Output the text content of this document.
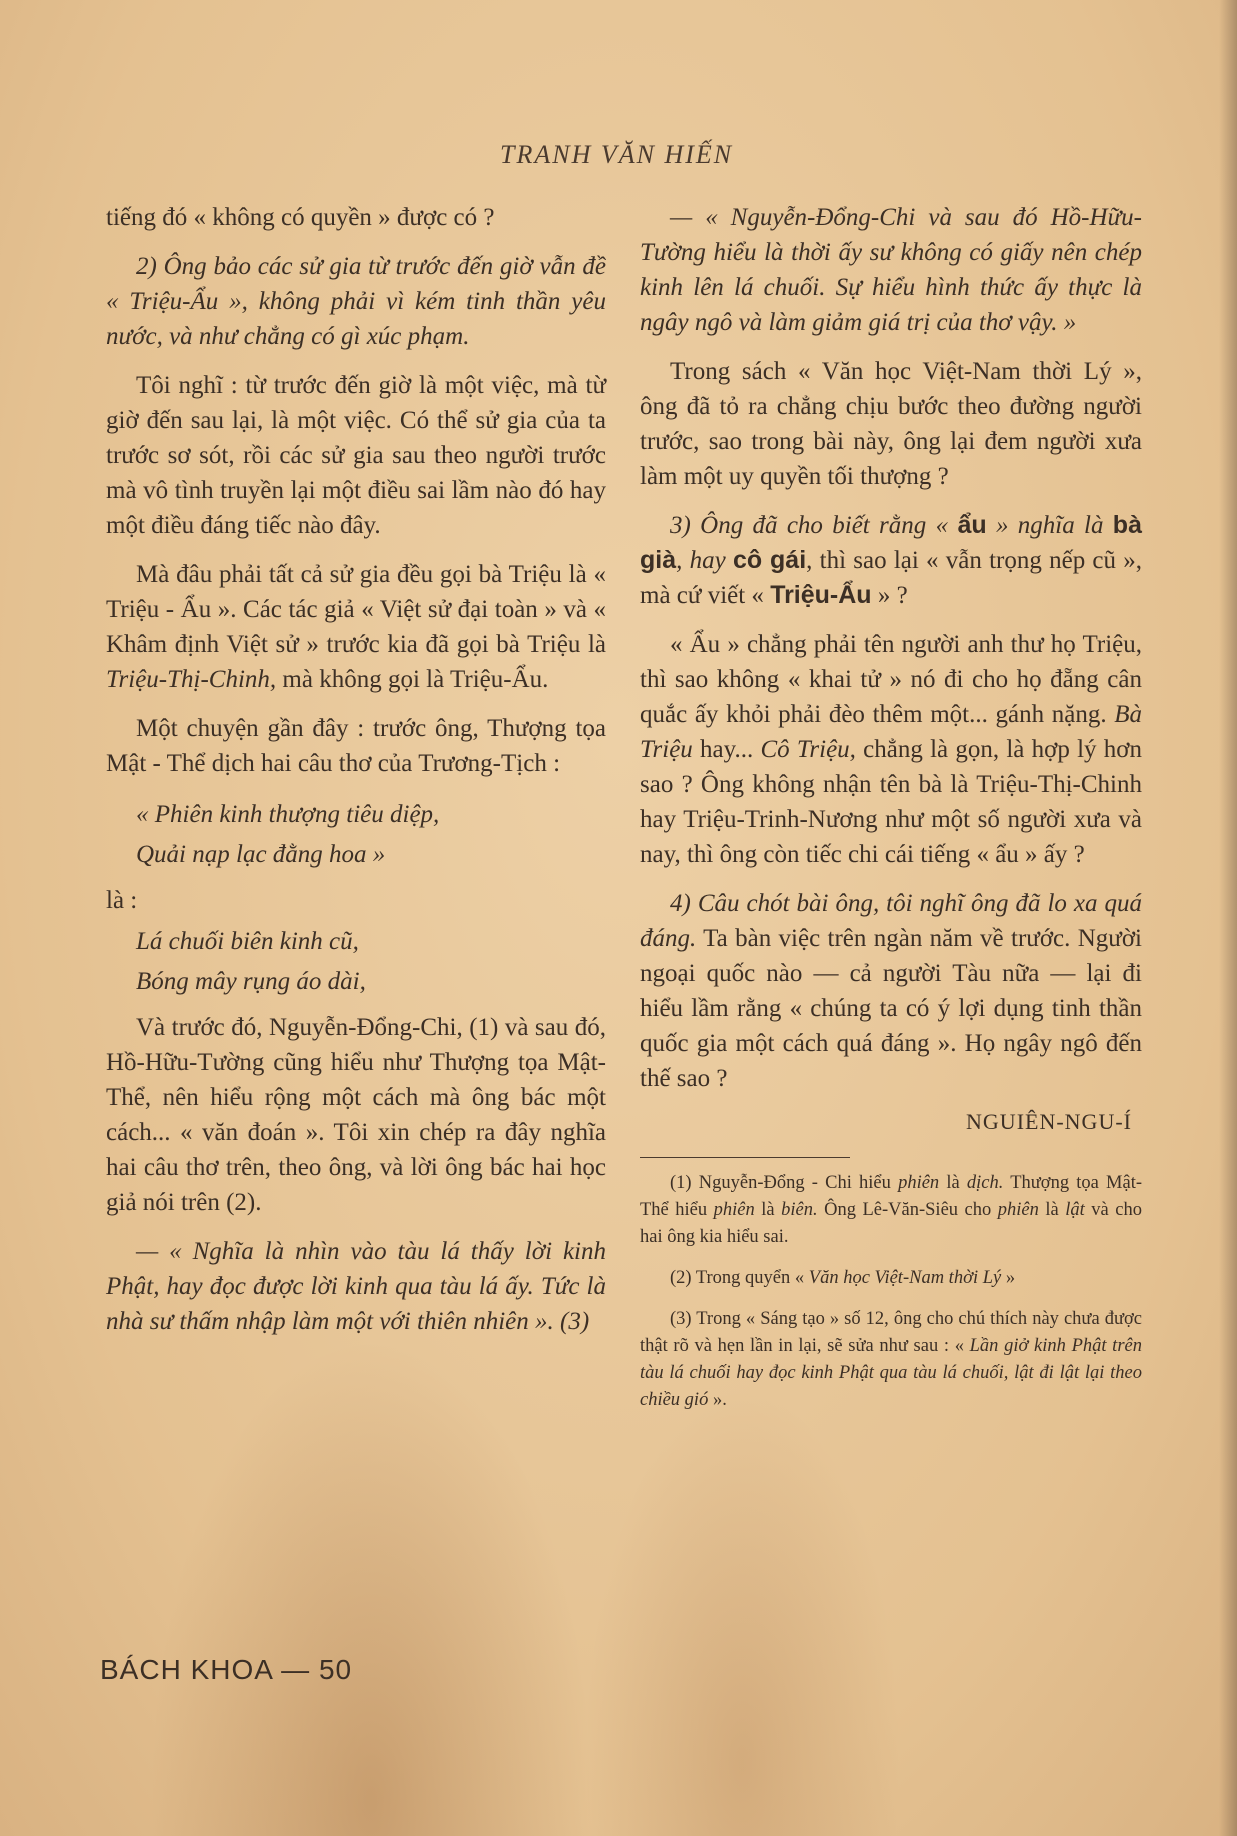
TRANH VĂN HIẾN

tiếng đó « không có quyền » được có ?

2) Ông bảo các sử gia từ trước đến giờ vẫn đề « Triệu-Ẩu », không phải vì kém tinh thần yêu nước, và như chẳng có gì xúc phạm.

Tôi nghĩ : từ trước đến giờ là một việc, mà từ giờ đến sau lại, là một việc. Có thể sử gia của ta trước sơ sót, rồi các sử gia sau theo người trước mà vô tình truyền lại một điều sai lầm nào đó hay một điều đáng tiếc nào đây.

Mà đâu phải tất cả sử gia đều gọi bà Triệu là « Triệu - Ẩu ». Các tác giả « Việt sử đại toàn » và « Khâm định Việt sử » trước kia đã gọi bà Triệu là Triệu-Thị-Chinh, mà không gọi là Triệu-Ẩu.

Một chuyện gần đây : trước ông, Thượng tọa Mật - Thể dịch hai câu thơ của Trương-Tịch :

« Phiên kinh thượng tiêu diệp,
Quải nạp lạc đằng hoa »
là :
Lá chuối biên kinh cũ,
Bóng mây rụng áo dài,

Và trước đó, Nguyễn-Đổng-Chi, (1) và sau đó, Hồ-Hữu-Tường cũng hiểu như Thượng tọa Mật-Thể, nên hiểu rộng một cách mà ông bác một cách... « văn đoán ». Tôi xin chép ra đây nghĩa hai câu thơ trên, theo ông, và lời ông bác hai học giả nói trên (2).

— « Nghĩa là nhìn vào tàu lá thấy lời kinh Phật, hay đọc được lời kinh qua tàu lá ấy. Tức là nhà sư thấm nhập làm một với thiên nhiên ». (3)

— « Nguyễn-Đổng-Chi và sau đó Hồ-Hữu-Tường hiểu là thời ấy sư không có giấy nên chép kinh lên lá chuối. Sự hiểu hình thức ấy thực là ngây ngô và làm giảm giá trị của thơ vậy. »

Trong sách « Văn học Việt-Nam thời Lý », ông đã tỏ ra chẳng chịu bước theo đường người trước, sao trong bài này, ông lại đem người xưa làm một uy quyền tối thượng ?

3) Ông đã cho biết rằng « ẩu » nghĩa là bà già, hay cô gái, thì sao lại « vẫn trọng nếp cũ », mà cứ viết « Triệu-Ẩu » ?

« Ẩu » chẳng phải tên người anh thư họ Triệu, thì sao không « khai tử » nó đi cho họ đẵng cân quắc ấy khỏi phải đèo thêm một... gánh nặng. Bà Triệu hay... Cô Triệu, chẳng là gọn, là hợp lý hơn sao ? Ông không nhận tên bà là Triệu-Thị-Chinh hay Triệu-Trinh-Nương như một số người xưa và nay, thì ông còn tiếc chi cái tiếng « ẩu » ấy ?

4) Câu chót bài ông, tôi nghĩ ông đã lo xa quá đáng. Ta bàn việc trên ngàn năm về trước. Người ngoại quốc nào — cả người Tàu nữa — lại đi hiểu lầm rằng « chúng ta có ý lợi dụng tinh thần quốc gia một cách quá đáng ». Họ ngây ngô đến thế sao ?

NGUIÊN-NGU-Í

(1) Nguyễn-Đổng - Chi hiểu phiên là dịch. Thượng tọa Mật-Thể hiểu phiên là biên. Ông Lê-Văn-Siêu cho phiên là lật và cho hai ông kia hiểu sai.

(2) Trong quyển « Văn học Việt-Nam thời Lý »

(3) Trong « Sáng tạo » số 12, ông cho chú thích này chưa được thật rõ và hẹn lần in lại, sẽ sửa như sau : « Lần giở kinh Phật trên tàu lá chuối hay đọc kinh Phật qua tàu lá chuối, lật đi lật lại theo chiều gió ».

BÁCH KHOA — 50
